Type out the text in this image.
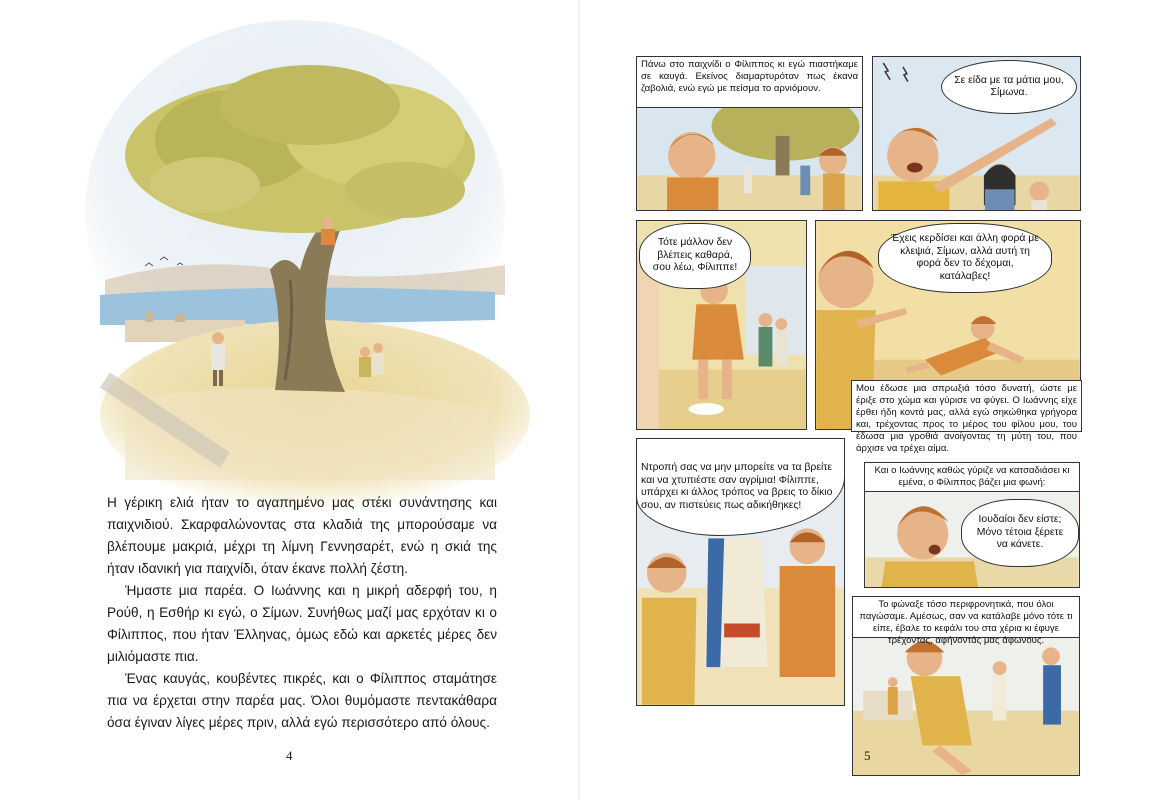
Η γέρικη ελιά ήταν το αγαπημένο μας στέκι συνάντησης και παιχνιδιού. Σκαρφαλώνοντας στα κλαδιά της μπορούσαμε να βλέπουμε μακριά, μέχρι τη λίμνη Γεννησαρέτ, ενώ η σκιά της ήταν ιδανική για παιχνίδι, όταν έκανε πολλή ζέστη.

Ήμαστε μια παρέα. Ο Ιωάννης και η μικρή αδερφή του, η Ρούθ, η Εσθήρ κι εγώ, ο Σίμων. Συνήθως μαζί μας ερχόταν κι ο Φίλιππος, που ήταν Έλληνας, όμως εδώ και αρκετές μέρες δεν μιλιόμαστε πια.

Ένας καυγάς, κουβέντες πικρές, και ο Φίλιππος σταμάτησε πια να έρχεται στην παρέα μας. Όλοι θυμόμαστε πεντακάθαρα όσα έγιναν λίγες μέρες πριν, αλλά εγώ περισσότερο από όλους.

4
Πάνω στο παιχνίδι ο Φίλιππος κι εγώ πιαστήκαμε σε καυγά. Εκείνος διαμαρτυρόταν πως έκανα ζαβολιά, ενώ εγώ με πείσμα το αρνιόμουν.
Σε είδα με τα μάτια μου, Σίμωνα.
Τότε μάλλον δεν βλέπεις καθαρά, σου λέω, Φίλιππε!
Έχεις κερδίσει και άλλη φορά με κλεψιά, Σίμων, αλλά αυτή τη φορά δεν το δέχομαι, κατάλαβες!
Μου έδωσε μια σπρωξιά τόσο δυνατή, ώστε με έριξε στο χώμα και γύρισε να φύγει. Ο Ιωάννης είχε έρθει ήδη κοντά μας, αλλά εγώ σηκώθηκα γρήγορα και, τρέχοντας προς το μέρος του φίλου μου, του έδωσα μια γροθιά ανοίγοντας τη μύτη του, που άρχισε να τρέχει αίμα.
Ντροπή σας να μην μπορείτε να τα βρείτε και να χτυπιέστε σαν αγρίμια! Φίλιππε, υπάρχει κι άλλος τρόπος να βρεις το δίκιο σου, αν πιστεύεις πως αδικήθηκες!
Και ο Ιωάννης καθώς γύριζε να κατσαδιάσει κι εμένα, ο Φίλιππος βάζει μια φωνή:
Ιουδαίοι δεν είστε; Μόνο τέτοια ξέρετε να κάνετε.
Το φώναξε τόσο περιφρονητικά, που όλοι παγώσαμε. Αμέσως, σαν να κατάλαβε μόνο τότε τι είπε, έβαλε το κεφάλι του στα χέρια κι έφυγε τρέχοντας, αφήνοντάς μας άφωνους.
5
